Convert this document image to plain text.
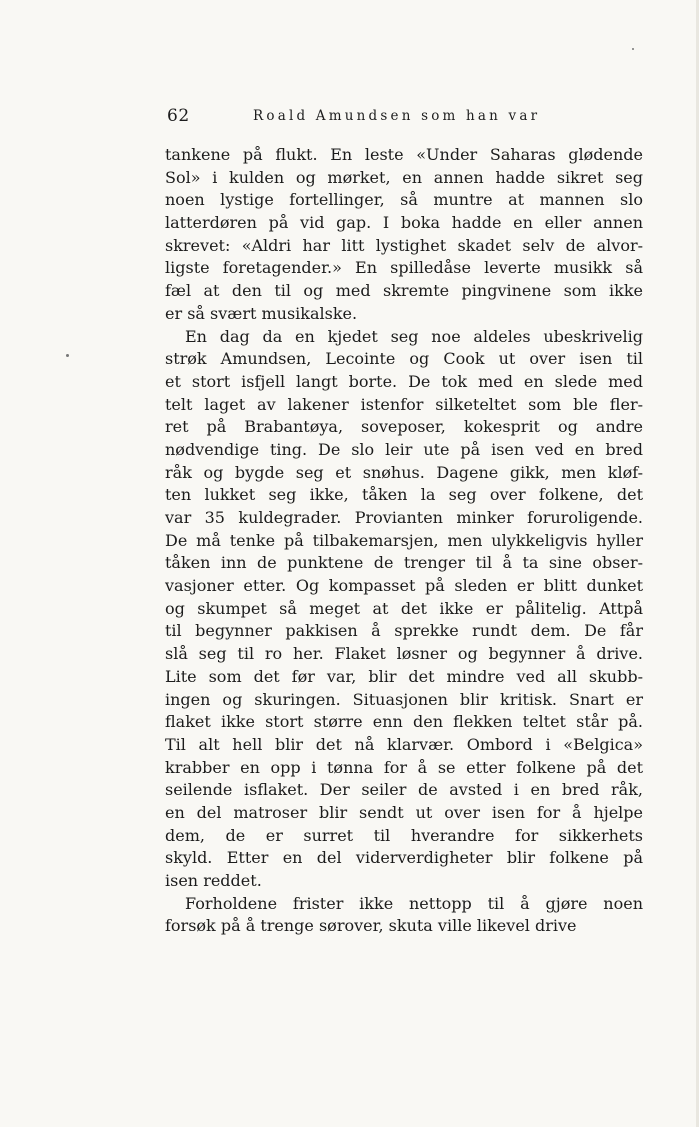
62	Roald Amundsen som han var
tankene på flukt. En leste «Under Saharas glødende
Sol» i kulden og mørket, en annen hadde sikret seg
noen lystige fortellinger, så muntre at mannen slo
latterdøren på vid gap. I boka hadde en eller annen
skrevet: «Aldri har litt lystighet skadet selv de alvor-
ligste foretagender.» En spilledåse leverte musikk så
fæl at den til og med skremte pingvinene som ikke
er så svært musikalske.
En dag da en kjedet seg noe aldeles ubeskrivelig
strøk Amundsen, Lecointe og Cook ut over isen til
et stort isfjell langt borte. De tok med en slede med
telt laget av lakener istenfor silketeltet som ble fler-
ret på Brabantøya, soveposer, kokesprit og andre
nødvendige ting. De slo leir ute på isen ved en bred
råk og bygde seg et snøhus. Dagene gikk, men kløf-
ten lukket seg ikke, tåken la seg over folkene, det
var 35 kuldegrader. Provianten minker foruroligende.
De må tenke på tilbakemarsjen, men ulykkeligvis hyller
tåken inn de punktene de trenger til å ta sine obser-
vasjoner etter. Og kompasset på sleden er blitt dunket
og skumpet så meget at det ikke er pålitelig. Attpå
til begynner pakkisen å sprekke rundt dem. De får
slå seg til ro her. Flaket løsner og begynner å drive.
Lite som det før var, blir det mindre ved all skubb-
ingen og skuringen. Situasjonen blir kritisk. Snart er
flaket ikke stort større enn den flekken teltet står på.
Til alt hell blir det nå klarvær. Ombord i «Belgica»
krabber en opp i tønna for å se etter folkene på det
seilende isflaket. Der seiler de avsted i en bred råk,
en del matroser blir sendt ut over isen for å hjelpe
dem, de er surret til hverandre for sikkerhets
skyld. Etter en del viderverdigheter blir folkene på
isen reddet.
Forholdene frister ikke nettopp til å gjøre noen
forsøk på å trenge sørover, skuta ville likevel drive
